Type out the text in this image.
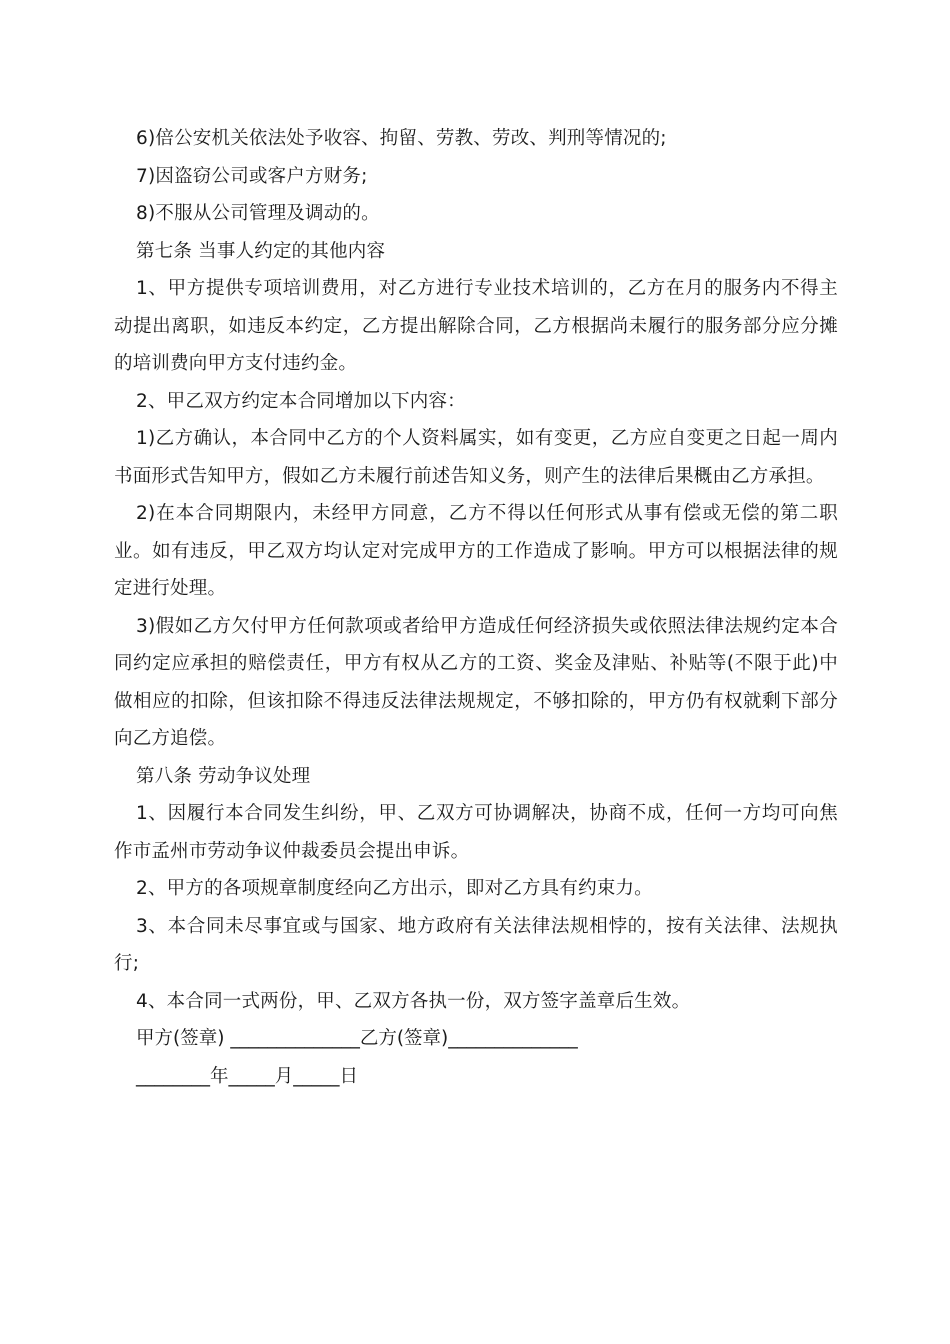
6)倍公安机关依法处予收容、拘留、劳教、劳改、判刑等情况的;

7)因盗窃公司或客户方财务;

8)不服从公司管理及调动的。

第七条 当事人约定的其他内容

1、甲方提供专项培训费用，对乙方进行专业技术培训的，乙方在月的服务内不得主动提出离职，如违反本约定，乙方提出解除合同，乙方根据尚未履行的服务部分应分摊的培训费向甲方支付违约金。

2、甲乙双方约定本合同增加以下内容：

1)乙方确认，本合同中乙方的个人资料属实，如有变更，乙方应自变更之日起一周内书面形式告知甲方，假如乙方未履行前述告知义务，则产生的法律后果概由乙方承担。

2)在本合同期限内，未经甲方同意，乙方不得以任何形式从事有偿或无偿的第二职业。如有违反，甲乙双方均认定对完成甲方的工作造成了影响。甲方可以根据法律的规定进行处理。

3)假如乙方欠付甲方任何款项或者给甲方造成任何经济损失或依照法律法规约定本合同约定应承担的赔偿责任，甲方有权从乙方的工资、奖金及津贴、补贴等(不限于此)中做相应的扣除，但该扣除不得违反法律法规规定，不够扣除的，甲方仍有权就剩下部分向乙方追偿。

第八条 劳动争议处理

1、因履行本合同发生纠纷，甲、乙双方可协调解决，协商不成，任何一方均可向焦作市孟州市劳动争议仲裁委员会提出申诉。

2、甲方的各项规章制度经向乙方出示，即对乙方具有约束力。

3、本合同未尽事宜或与国家、地方政府有关法律法规相悖的，按有关法律、法规执行;

4、本合同一式两份，甲、乙双方各执一份，双方签字盖章后生效。

甲方(签章) ______________乙方(签章)______________

________年_____月_____日
